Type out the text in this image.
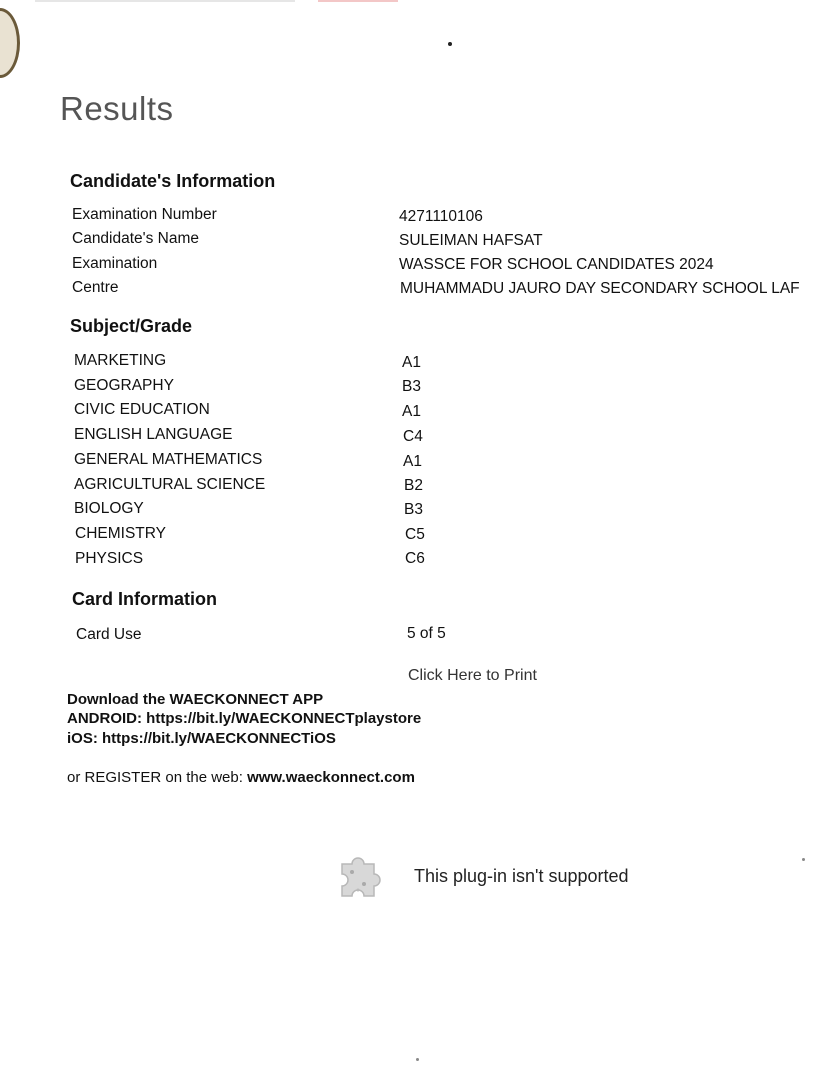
Results
Candidate's Information
Examination Number	4271110106
Candidate's Name	SULEIMAN HAFSAT
Examination	WASSCE FOR SCHOOL CANDIDATES 2024
Centre	MUHAMMADU JAURO DAY SECONDARY SCHOOL LAF
Subject/Grade
MARKETING	A1
GEOGRAPHY	B3
CIVIC EDUCATION	A1
ENGLISH LANGUAGE	C4
GENERAL MATHEMATICS	A1
AGRICULTURAL SCIENCE	B2
BIOLOGY	B3
CHEMISTRY	C5
PHYSICS	C6
Card Information
Card Use	5 of 5
Click Here to Print
Download the WAECKONNECT APP
ANDROID: https://bit.ly/WAECKONNECTplaystore
iOS: https://bit.ly/WAECKONNECTiOS
or REGISTER on the web: www.waeckonnect.com
This plug-in isn't supported
